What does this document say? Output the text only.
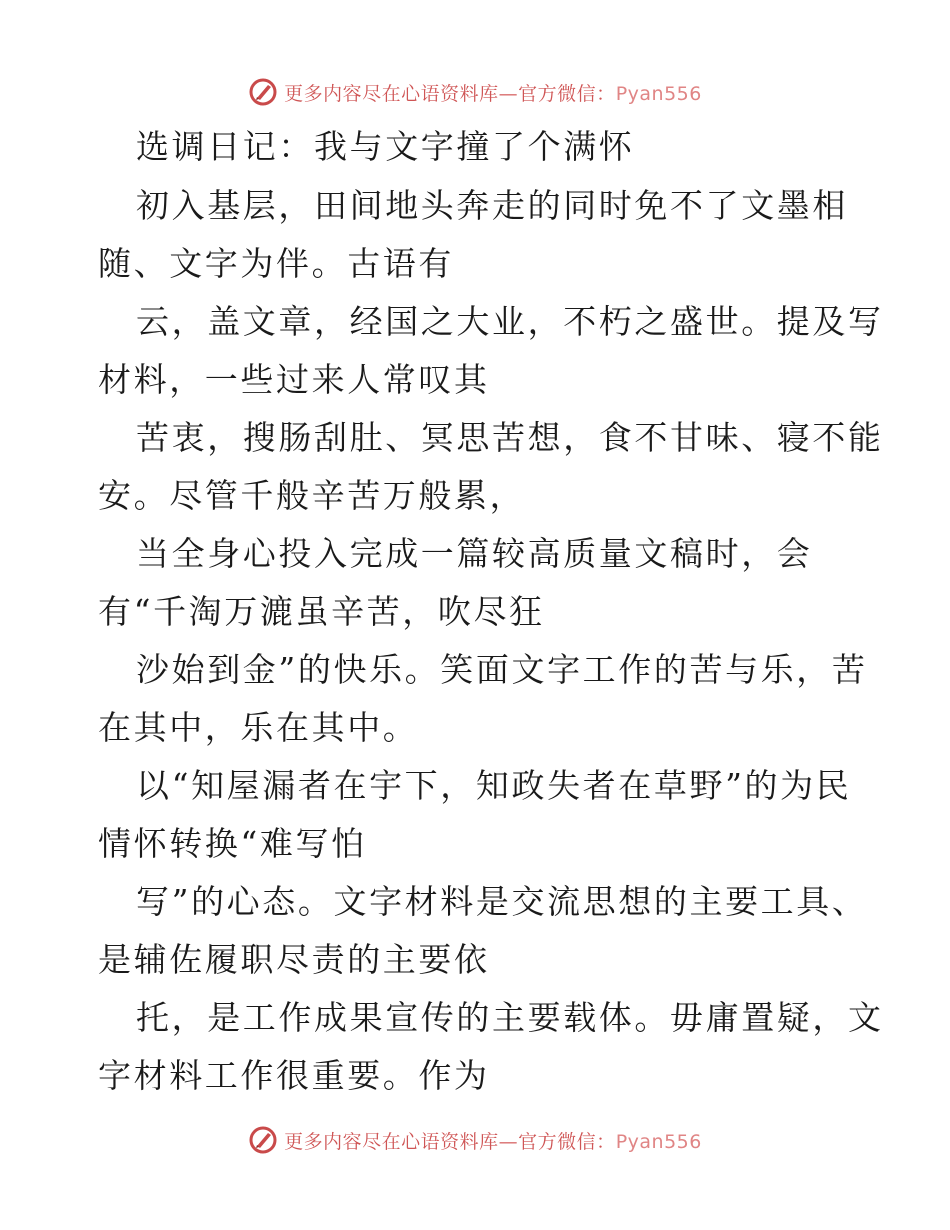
更多内容尽在心语资料库—官方微信：Pyan556
选调日记：我与文字撞了个满怀
初入基层，田间地头奔走的同时免不了文墨相
随、文字为伴。古语有
云，盖文章，经国之大业，不朽之盛世。提及写
材料，一些过来人常叹其
苦衷，搜肠刮肚、冥思苦想，食不甘味、寝不能
安。尽管千般辛苦万般累，
当全身心投入完成一篇较高质量文稿时，会
有“千淘万漉虽辛苦，吹尽狂
沙始到金”的快乐。笑面文字工作的苦与乐，苦
在其中，乐在其中。
以“知屋漏者在宇下，知政失者在草野”的为民
情怀转换“难写怕
写”的心态。文字材料是交流思想的主要工具、
是辅佐履职尽责的主要依
托，是工作成果宣传的主要载体。毋庸置疑，文
字材料工作很重要。作为
更多内容尽在心语资料库—官方微信：Pyan556
